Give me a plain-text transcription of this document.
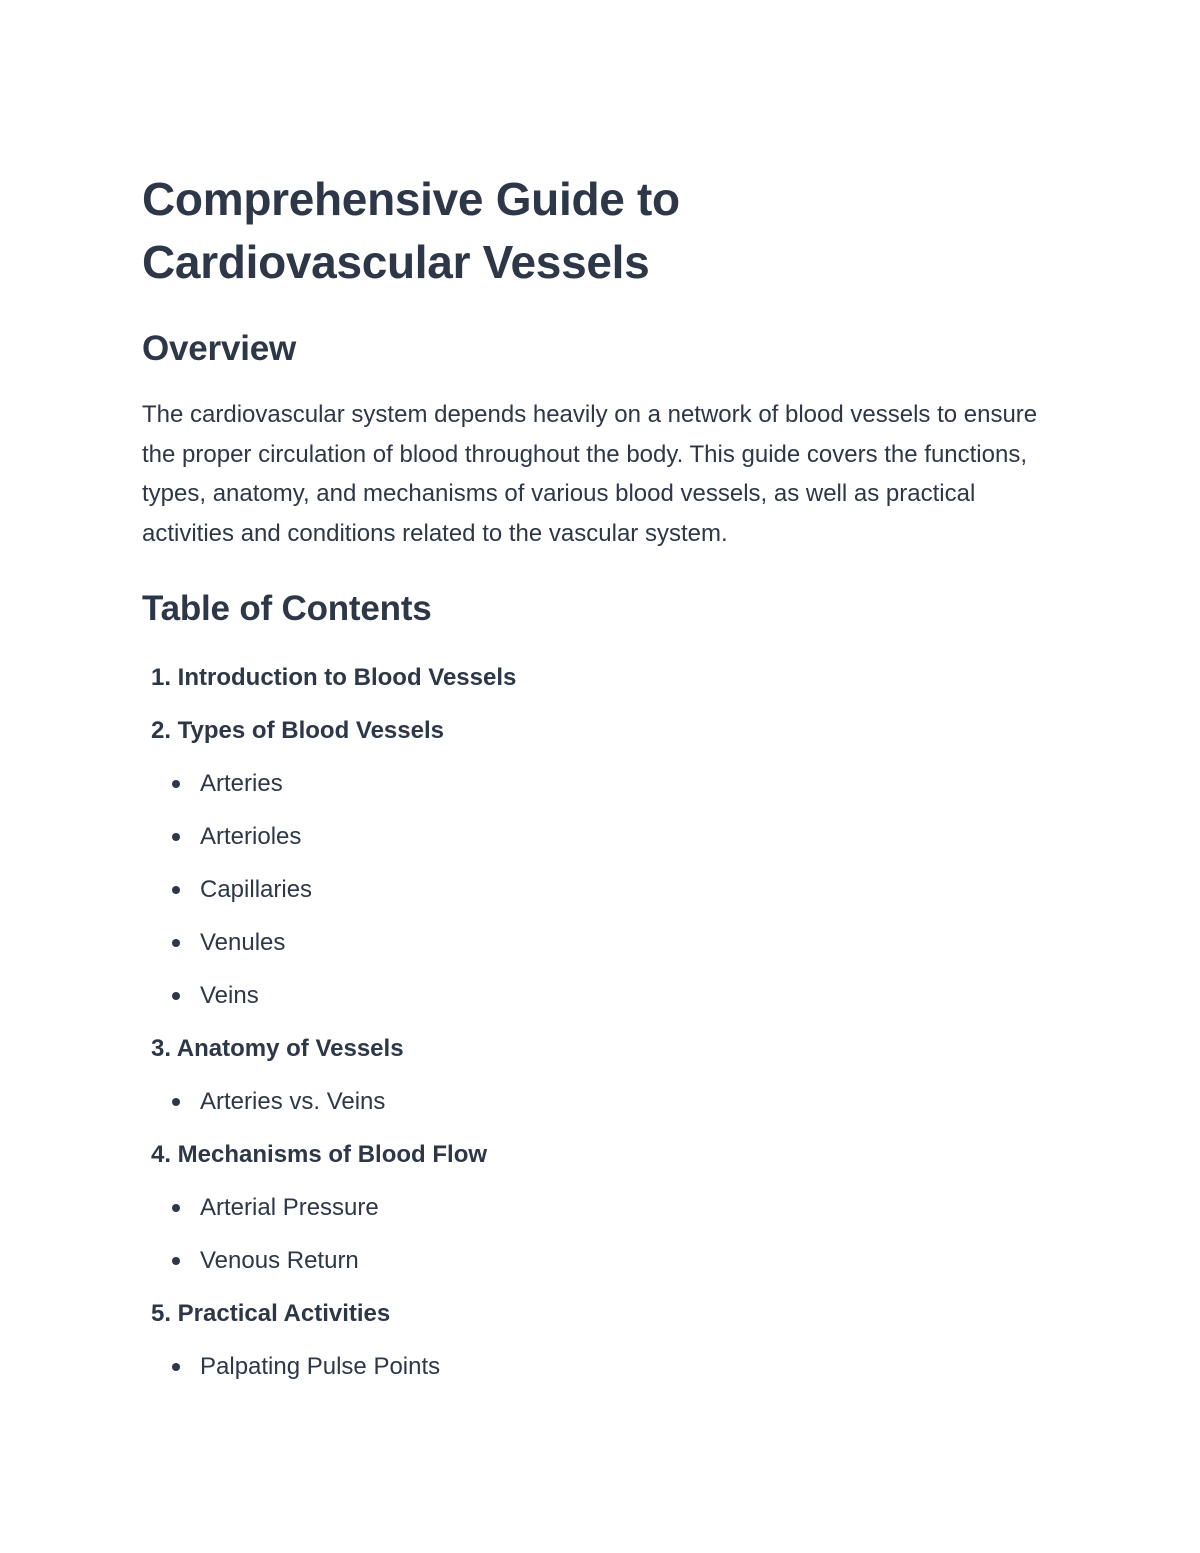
Comprehensive Guide to
Cardiovascular Vessels
Overview

The cardiovascular system depends heavily on a network of blood vessels to ensure the proper circulation of blood throughout the body. This guide covers the functions, types, anatomy, and mechanisms of various blood vessels, as well as practical activities and conditions related to the vascular system.

Table of Contents
1. Introduction to Blood Vessels
2. Types of Blood Vessels
Arteries
Arterioles
Capillaries
Venules
Veins
3. Anatomy of Vessels
Arteries vs. Veins
4. Mechanisms of Blood Flow
Arterial Pressure
Venous Return
5. Practical Activities
Palpating Pulse Points
